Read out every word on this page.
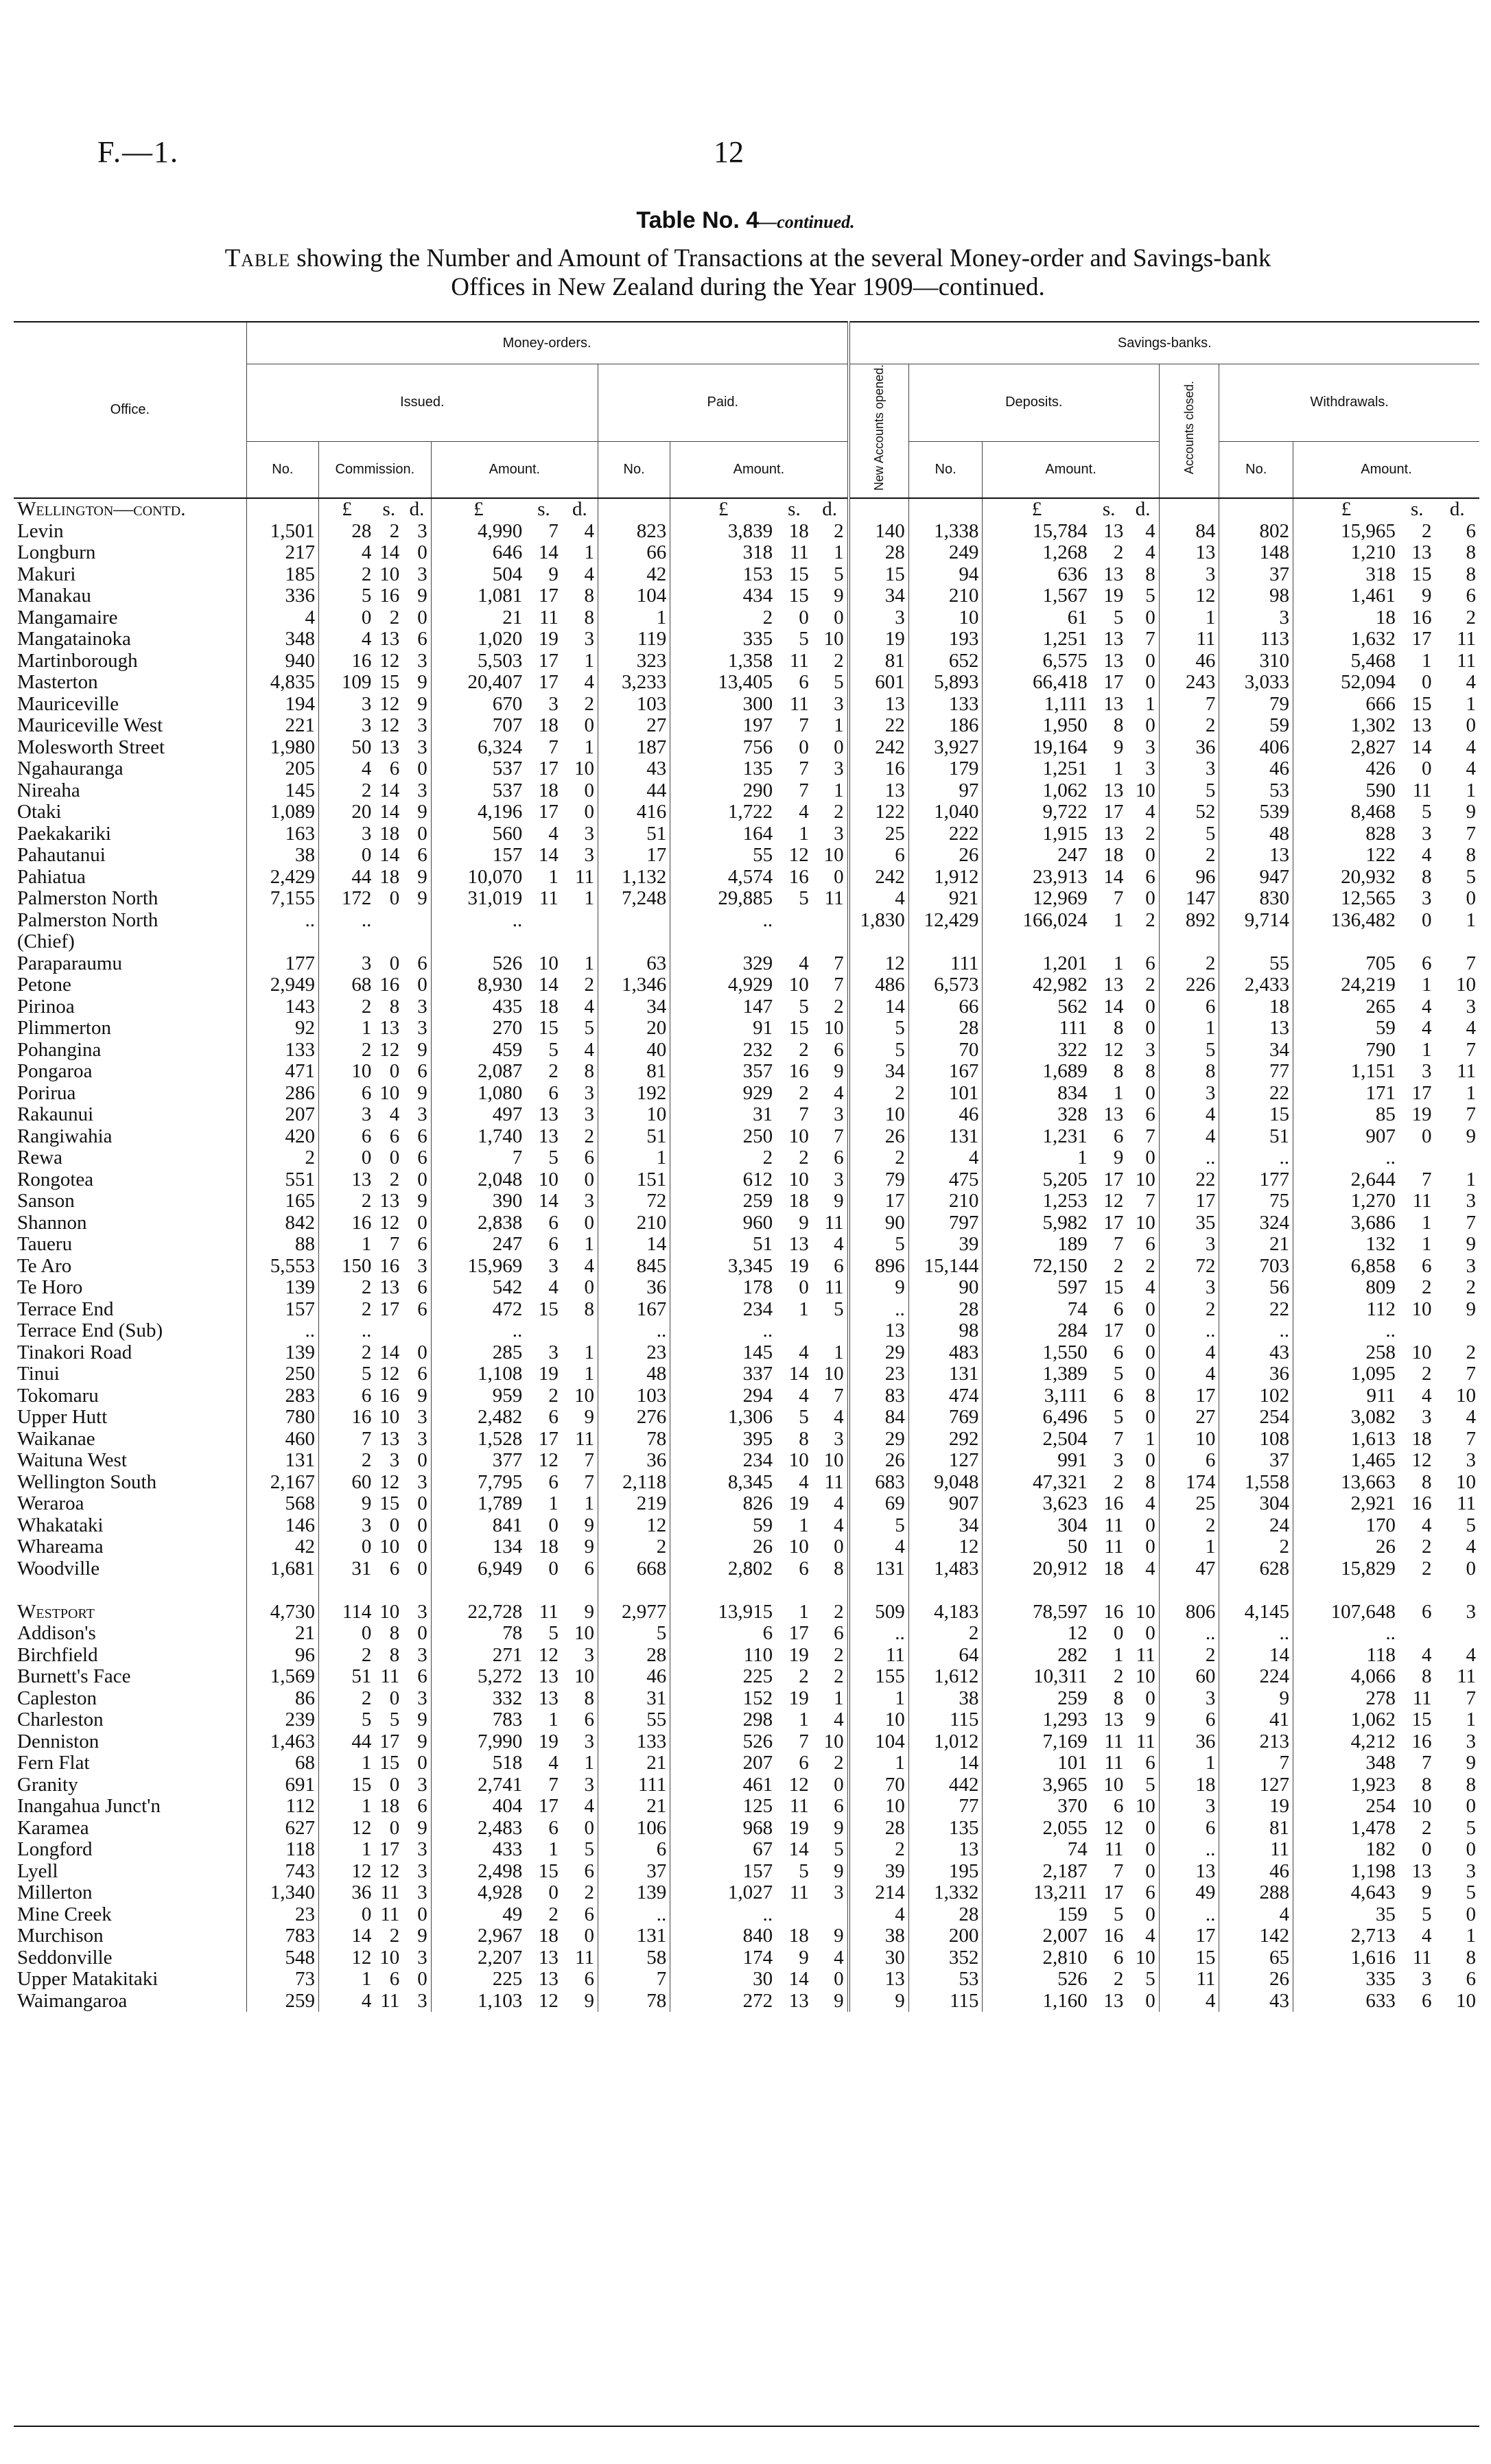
F.—1.	12
Table No. 4—continued.
Table showing the Number and Amount of Transactions at the several Money-order and Savings-bank
Offices in New Zealand during the Year 1909—continued.
Office.	Money-orders.											Savings-banks.									
	Issued.							Paid.				New Accounts opened.	Deposits.				Accounts closed.	Withdrawals.			
	No.	Commission.			Amount.			No.	Amount.				No.	Amount.				No.	Amount.		
Wellington—contd.		£	s.	d.	£	s.	d.		£	s.	d.			£	s.	d.			£	s.	d.
Levin	1,501	28	2	3	4,990	7	4	823	3,839	18	2	140	1,338	15,784	13	4	84	802	15,965	2	6
Longburn	217	4	14	0	646	14	1	66	318	11	1	28	249	1,268	2	4	13	148	1,210	13	8
Makuri	185	2	10	3	504	9	4	42	153	15	5	15	94	636	13	8	3	37	318	15	8
Manakau	336	5	16	9	1,081	17	8	104	434	15	9	34	210	1,567	19	5	12	98	1,461	9	6
Mangamaire	4	0	2	0	21	11	8	1	2	0	0	3	10	61	5	0	1	3	18	16	2
Mangatainoka	348	4	13	6	1,020	19	3	119	335	5	10	19	193	1,251	13	7	11	113	1,632	17	11
Martinborough	940	16	12	3	5,503	17	1	323	1,358	11	2	81	652	6,575	13	0	46	310	5,468	1	11
Masterton	4,835	109	15	9	20,407	17	4	3,233	13,405	6	5	601	5,893	66,418	17	0	243	3,033	52,094	0	4
Mauriceville	194	3	12	9	670	3	2	103	300	11	3	13	133	1,111	13	1	7	79	666	15	1
Mauriceville West	221	3	12	3	707	18	0	27	197	7	1	22	186	1,950	8	0	2	59	1,302	13	0
Molesworth Street	1,980	50	13	3	6,324	7	1	187	756	0	0	242	3,927	19,164	9	3	36	406	2,827	14	4
Ngahauranga	205	4	6	0	537	17	10	43	135	7	3	16	179	1,251	1	3	3	46	426	0	4
Nireaha	145	2	14	3	537	18	0	44	290	7	1	13	97	1,062	13	10	5	53	590	11	1
Otaki	1,089	20	14	9	4,196	17	0	416	1,722	4	2	122	1,040	9,722	17	4	52	539	8,468	5	9
Paekakariki	163	3	18	0	560	4	3	51	164	1	3	25	222	1,915	13	2	5	48	828	3	7
Pahautanui	38	0	14	6	157	14	3	17	55	12	10	6	26	247	18	0	2	13	122	4	8
Pahiatua	2,429	44	18	9	10,070	1	11	1,132	4,574	16	0	242	1,912	23,913	14	6	96	947	20,932	8	5
Palmerston North	7,155	172	0	9	31,019	11	1	7,248	29,885	5	11	4	921	12,969	7	0	147	830	12,565	3	0
Palmerston North	..	..			..				..			1,830	12,429	166,024	1	2	892	9,714	136,482	0	1
(Chief)																					
Paraparaumu	177	3	0	6	526	10	1	63	329	4	7	12	111	1,201	1	6	2	55	705	6	7
Petone	2,949	68	16	0	8,930	14	2	1,346	4,929	10	7	486	6,573	42,982	13	2	226	2,433	24,219	1	10
Pirinoa	143	2	8	3	435	18	4	34	147	5	2	14	66	562	14	0	6	18	265	4	3
Plimmerton	92	1	13	3	270	15	5	20	91	15	10	5	28	111	8	0	1	13	59	4	4
Pohangina	133	2	12	9	459	5	4	40	232	2	6	5	70	322	12	3	5	34	790	1	7
Pongaroa	471	10	0	6	2,087	2	8	81	357	16	9	34	167	1,689	8	8	8	77	1,151	3	11
Porirua	286	6	10	9	1,080	6	3	192	929	2	4	2	101	834	1	0	3	22	171	17	1
Rakaunui	207	3	4	3	497	13	3	10	31	7	3	10	46	328	13	6	4	15	85	19	7
Rangiwahia	420	6	6	6	1,740	13	2	51	250	10	7	26	131	1,231	6	7	4	51	907	0	9
Rewa	2	0	0	6	7	5	6	1	2	2	6	2	4	1	9	0	..	..	..		
Rongotea	551	13	2	0	2,048	10	0	151	612	10	3	79	475	5,205	17	10	22	177	2,644	7	1
Sanson	165	2	13	9	390	14	3	72	259	18	9	17	210	1,253	12	7	17	75	1,270	11	3
Shannon	842	16	12	0	2,838	6	0	210	960	9	11	90	797	5,982	17	10	35	324	3,686	1	7
Taueru	88	1	7	6	247	6	1	14	51	13	4	5	39	189	7	6	3	21	132	1	9
Te Aro	5,553	150	16	3	15,969	3	4	845	3,345	19	6	896	15,144	72,150	2	2	72	703	6,858	6	3
Te Horo	139	2	13	6	542	4	0	36	178	0	11	9	90	597	15	4	3	56	809	2	2
Terrace End	157	2	17	6	472	15	8	167	234	1	5	..	28	74	6	0	2	22	112	10	9
Terrace End (Sub)	..	..			..			..	..			13	98	284	17	0	..	..	..		
Tinakori Road	139	2	14	0	285	3	1	23	145	4	1	29	483	1,550	6	0	4	43	258	10	2
Tinui	250	5	12	6	1,108	19	1	48	337	14	10	23	131	1,389	5	0	4	36	1,095	2	7
Tokomaru	283	6	16	9	959	2	10	103	294	4	7	83	474	3,111	6	8	17	102	911	4	10
Upper Hutt	780	16	10	3	2,482	6	9	276	1,306	5	4	84	769	6,496	5	0	27	254	3,082	3	4
Waikanae	460	7	13	3	1,528	17	11	78	395	8	3	29	292	2,504	7	1	10	108	1,613	18	7
Waituna West	131	2	3	0	377	12	7	36	234	10	10	26	127	991	3	0	6	37	1,465	12	3
Wellington South	2,167	60	12	3	7,795	6	7	2,118	8,345	4	11	683	9,048	47,321	2	8	174	1,558	13,663	8	10
Weraroa	568	9	15	0	1,789	1	1	219	826	19	4	69	907	3,623	16	4	25	304	2,921	16	11
Whakataki	146	3	0	0	841	0	9	12	59	1	4	5	34	304	11	0	2	24	170	4	5
Whareama	42	0	10	0	134	18	9	2	26	10	0	4	12	50	11	0	1	2	26	2	4
Woodville	1,681	31	6	0	6,949	0	6	668	2,802	6	8	131	1,483	20,912	18	4	47	628	15,829	2	0

Westport	4,730	114	10	3	22,728	11	9	2,977	13,915	1	2	509	4,183	78,597	16	10	806	4,145	107,648	6	3
Addison's	21	0	8	0	78	5	10	5	6	17	6	..	2	12	0	0	..	..	..		
Birchfield	96	2	8	3	271	12	3	28	110	19	2	11	64	282	1	11	2	14	118	4	4
Burnett's Face	1,569	51	11	6	5,272	13	10	46	225	2	2	155	1,612	10,311	2	10	60	224	4,066	8	11
Capleston	86	2	0	3	332	13	8	31	152	19	1	1	38	259	8	0	3	9	278	11	7
Charleston	239	5	5	9	783	1	6	55	298	1	4	10	115	1,293	13	9	6	41	1,062	15	1
Denniston	1,463	44	17	9	7,990	19	3	133	526	7	10	104	1,012	7,169	11	11	36	213	4,212	16	3
Fern Flat	68	1	15	0	518	4	1	21	207	6	2	1	14	101	11	6	1	7	348	7	9
Granity	691	15	0	3	2,741	7	3	111	461	12	0	70	442	3,965	10	5	18	127	1,923	8	8
Inangahua Junct'n	112	1	18	6	404	17	4	21	125	11	6	10	77	370	6	10	3	19	254	10	0
Karamea	627	12	0	9	2,483	6	0	106	968	19	9	28	135	2,055	12	0	6	81	1,478	2	5
Longford	118	1	17	3	433	1	5	6	67	14	5	2	13	74	11	0	..	11	182	0	0
Lyell	743	12	12	3	2,498	15	6	37	157	5	9	39	195	2,187	7	0	13	46	1,198	13	3
Millerton	1,340	36	11	3	4,928	0	2	139	1,027	11	3	214	1,332	13,211	17	6	49	288	4,643	9	5
Mine Creek	23	0	11	0	49	2	6	..	..			4	28	159	5	0	..	4	35	5	0
Murchison	783	14	2	9	2,967	18	0	131	840	18	9	38	200	2,007	16	4	17	142	2,713	4	1
Seddonville	548	12	10	3	2,207	13	11	58	174	9	4	30	352	2,810	6	10	15	65	1,616	11	8
Upper Matakitaki	73	1	6	0	225	13	6	7	30	14	0	13	53	526	2	5	11	26	335	3	6
Waimangaroa	259	4	11	3	1,103	12	9	78	272	13	9	9	115	1,160	13	0	4	43	633	6	10
